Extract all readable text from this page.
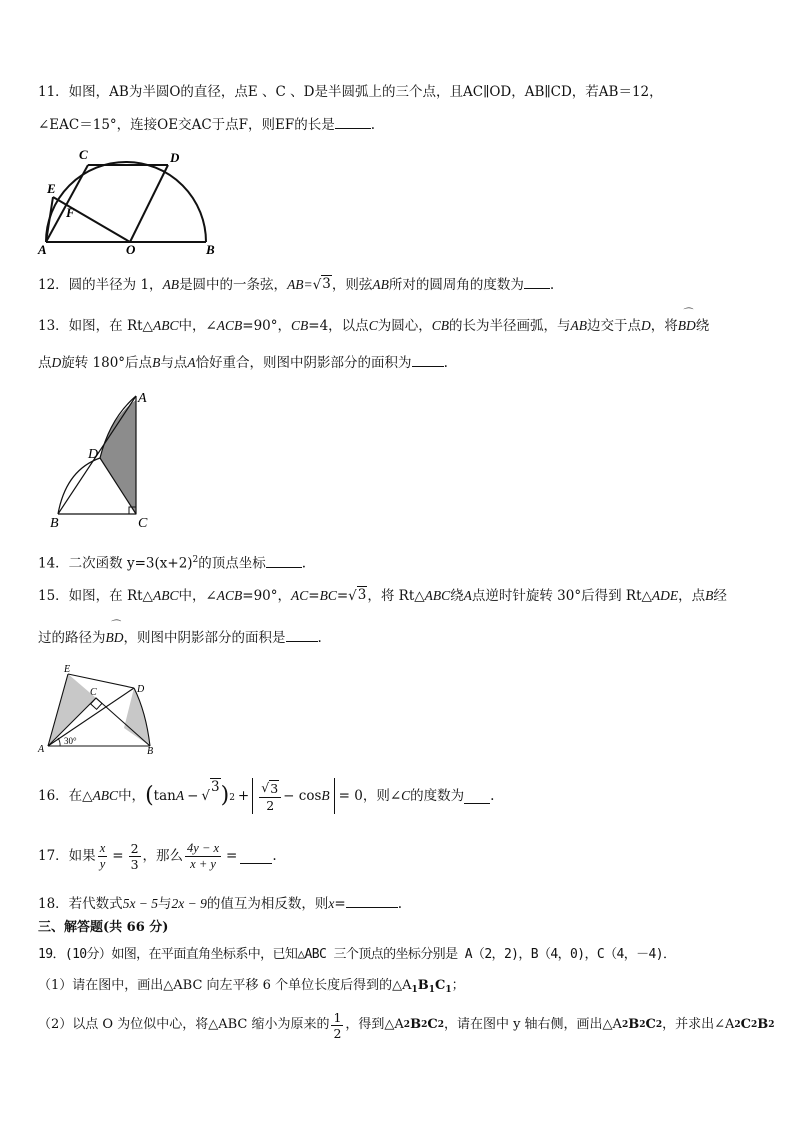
11．如图，AB为半圆O的直径，点E 、C 、D是半圆弧上的三个点，且AC∥OD，AB∥CD，若AB＝12，
∠EAC＝15°，连接OE交AC于点F，则EF的长是	.
C	D
E
F
A	O	B
12．圆的半径为 1，AB是圆中的一条弦，AB=√ 3 ，则弦AB所对的圆周角的度数为 .
13．如图，在 Rt△ABC中，∠ACB=90°，CB=4，以点C为圆心，CB的长为半径画弧，与AB边交于点D，将
⌒
BD绕
点D旋转 180°后点B与点A恰好重合，则图中阴影部分的面积为 .
A
D
B	C
14．二次函数 $y=3(x+2)^2$的顶点坐标	.
15．如图，在 Rt△ABC中，∠ACB=90°，AC=BC=√ 3 ，将 Rt△ABC绕A点逆时针旋转 30°后得到 Rt△ADE，点B经
过的路径为
⌒
BD，则图中阴影部分的面积是 .
E
C	D
A	B
30°
16．在△ ABC 中， ( tan A − √
3 ) $2 + \frac{√ 3}{2} - \cos B = 0$ ，则∠ C 的度数为 .
17．如果 $\frac{x}{y} = \frac{2}{3}$ ，那么 $\frac{4y - x}{x + y}$ =	.
18．若代数式5x − 5与2x − 9的值互为相反数，则x=	.
三、解答题(共 66 分)
19．(10分）如图，在平面直角坐标系中，已知△ABC 三个顶点的坐标分别是 A（2，2)，B（4，0)，C（4，－4)．
（1）请在图中，画出△ABC 向左平移 6 个单位长度后得到的$\triangle A_1B_1C_1$；
（2）以点 O 为位似中心，将△ABC 缩小为原来的 $\frac{1}{2}$ ，得到△A 2 B 2 C 2 ，请在图中 y 轴右侧，画出△A 2 B 2 C 2 ，并求出∠A 2 C 2 B 2
